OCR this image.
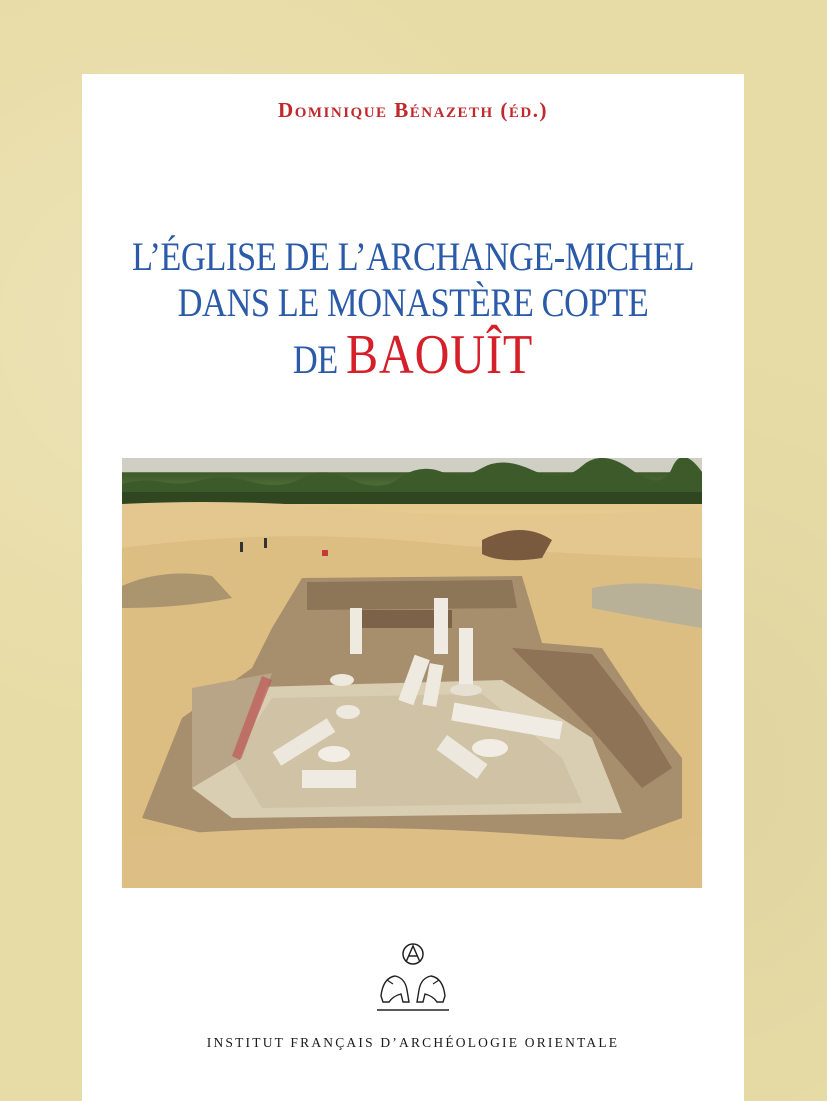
Dominique Bénazeth (éd.)
L’ÉGLISE DE L’ARCHANGE-MICHEL
DANS LE MONASTÈRE COPTE
DE BAOUÎT
INSTITUT FRANÇAIS D’ARCHÉOLOGIE ORIENTALE
